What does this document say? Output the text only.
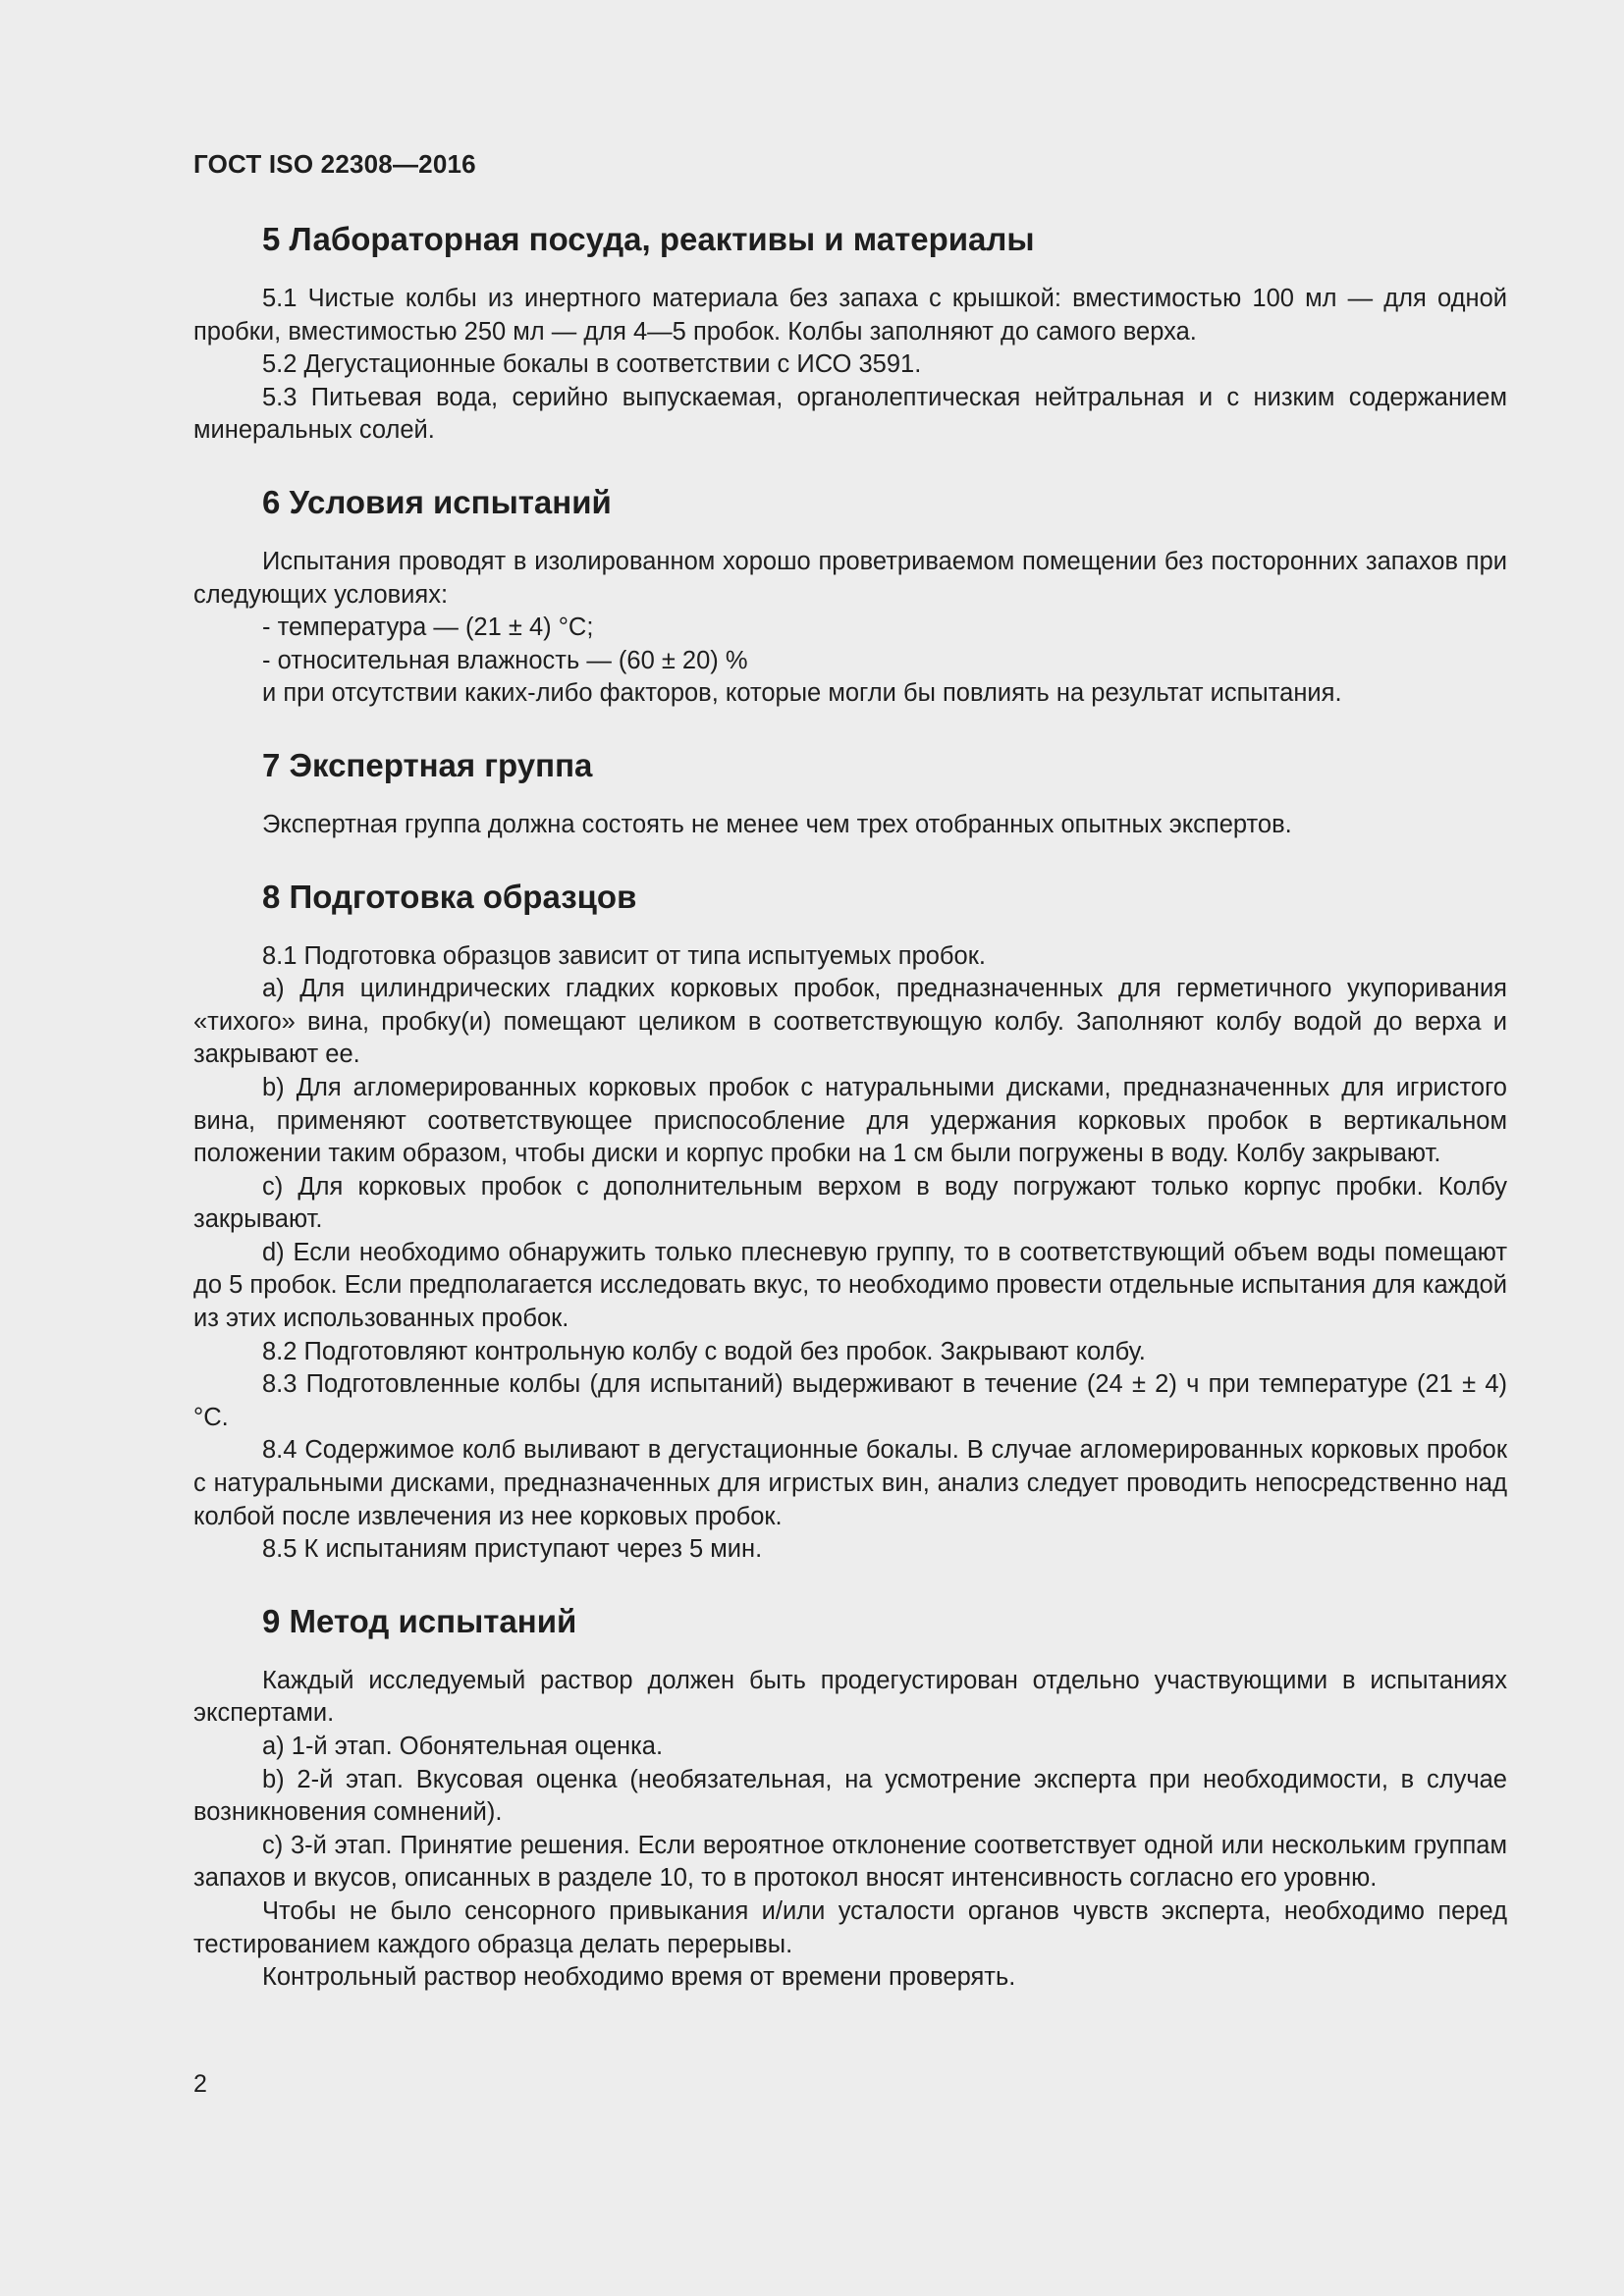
ГОСТ ISO 22308—2016
5 Лабораторная посуда, реактивы и материалы

5.1 Чистые колбы из инертного материала без запаха с крышкой: вместимостью 100 мл — для одной пробки, вместимостью 250 мл — для 4—5 пробок. Колбы заполняют до самого верха.

5.2 Дегустационные бокалы в соответствии с ИСО 3591.

5.3 Питьевая вода, серийно выпускаемая, органолептическая нейтральная и с низким содержанием минеральных солей.

6 Условия испытаний

Испытания проводят в изолированном хорошо проветриваемом помещении без посторонних запахов при следующих условиях:

- температура — (21 ± 4) °С;

- относительная влажность — (60 ± 20) %

и при отсутствии каких-либо факторов, которые могли бы повлиять на результат испытания.

7 Экспертная группа

Экспертная группа должна состоять не менее чем трех отобранных опытных экспертов.

8 Подготовка образцов

8.1 Подготовка образцов зависит от типа испытуемых пробок.

a) Для цилиндрических гладких корковых пробок, предназначенных для герметичного укупоривания «тихого» вина, пробку(и) помещают целиком в соответствующую колбу. Заполняют колбу водой до верха и закрывают ее.

b) Для агломерированных корковых пробок с натуральными дисками, предназначенных для игристого вина, применяют соответствующее приспособление для удержания корковых пробок в вертикальном положении таким образом, чтобы диски и корпус пробки на 1 см были погружены в воду. Колбу закрывают.

c) Для корковых пробок с дополнительным верхом в воду погружают только корпус пробки. Колбу закрывают.

d) Если необходимо обнаружить только плесневую группу, то в соответствующий объем воды помещают до 5 пробок. Если предполагается исследовать вкус, то необходимо провести отдельные испытания для каждой из этих использованных пробок.

8.2 Подготовляют контрольную колбу с водой без пробок. Закрывают колбу.

8.3 Подготовленные колбы (для испытаний) выдерживают в течение (24 ± 2) ч при температуре (21 ± 4) °С.

8.4 Содержимое колб выливают в дегустационные бокалы. В случае агломерированных корковых пробок с натуральными дисками, предназначенных для игристых вин, анализ следует проводить непосредственно над колбой после извлечения из нее корковых пробок.

8.5 К испытаниям приступают через 5 мин.

9 Метод испытаний

Каждый исследуемый раствор должен быть продегустирован отдельно участвующими в испытаниях экспертами.

a) 1-й этап. Обонятельная оценка.

b) 2-й этап. Вкусовая оценка (необязательная, на усмотрение эксперта при необходимости, в случае возникновения сомнений).

c) 3-й этап. Принятие решения. Если вероятное отклонение соответствует одной или нескольким группам запахов и вкусов, описанных в разделе 10, то в протокол вносят интенсивность согласно его уровню.

Чтобы не было сенсорного привыкания и/или усталости органов чувств эксперта, необходимо перед тестированием каждого образца делать перерывы.

Контрольный раствор необходимо время от времени проверять.

2
